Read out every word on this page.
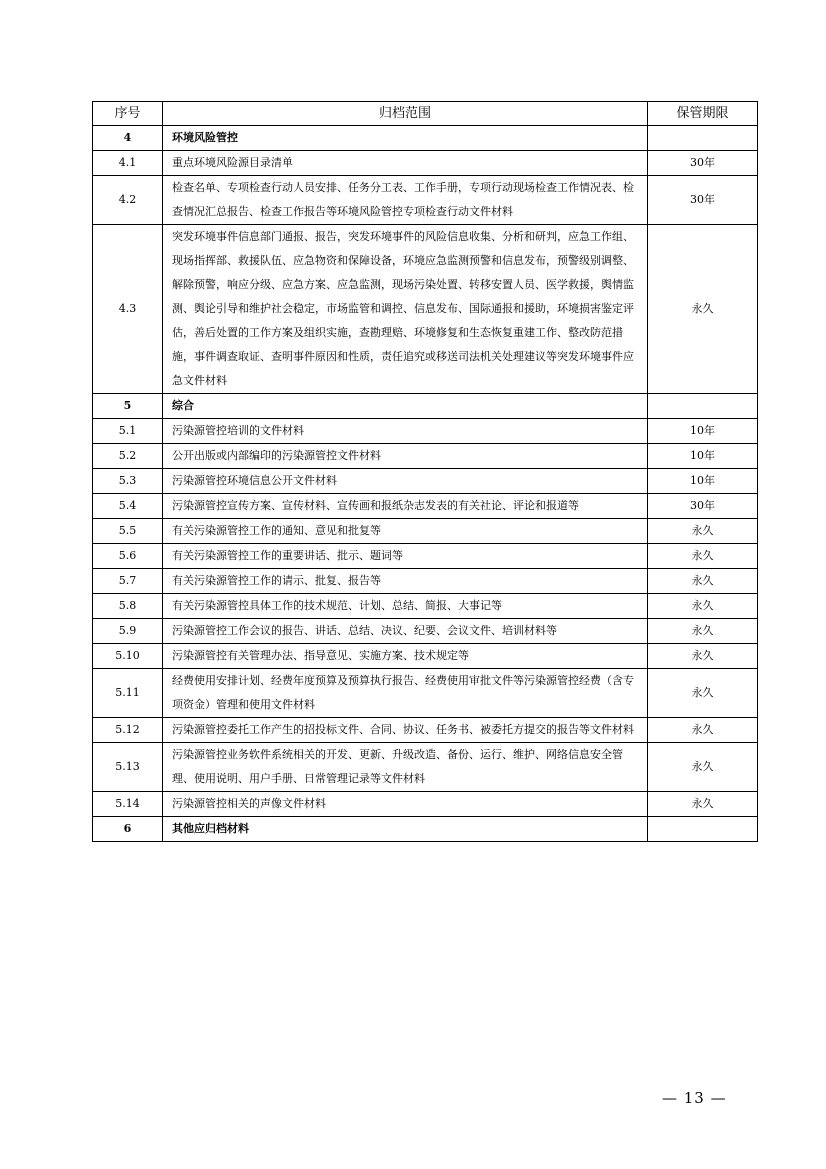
序号	归档范围	保管期限
4	环境风险管控	
4.1	重点环境风险源目录清单	30年
4.2	检查名单、专项检查行动人员安排、任务分工表、工作手册，专项行动现场检查工作情况表、检查情况汇总报告、检查工作报告等环境风险管控专项检查行动文件材料	30年
4.3	突发环境事件信息部门通报、报告，突发环境事件的风险信息收集、分析和研判，应急工作组、现场指挥部、救援队伍、应急物资和保障设备，环境应急监测预警和信息发布，预警级别调整、解除预警，响应分级、应急方案、应急监测，现场污染处置、转移安置人员、医学救援，舆情监测、舆论引导和维护社会稳定，市场监管和调控、信息发布、国际通报和援助，环境损害鉴定评估，善后处置的工作方案及组织实施，查勘理赔、环境修复和生态恢复重建工作、整改防范措施，事件调查取证、查明事件原因和性质，责任追究或移送司法机关处理建议等突发环境事件应急文件材料	永久
5	综合	
5.1	污染源管控培训的文件材料	10年
5.2	公开出版或内部编印的污染源管控文件材料	10年
5.3	污染源管控环境信息公开文件材料	10年
5.4	污染源管控宣传方案、宣传材料、宣传画和报纸杂志发表的有关社论、评论和报道等	30年
5.5	有关污染源管控工作的通知、意见和批复等	永久
5.6	有关污染源管控工作的重要讲话、批示、题词等	永久
5.7	有关污染源管控工作的请示、批复、报告等	永久
5.8	有关污染源管控具体工作的技术规范、计划、总结、简报、大事记等	永久
5.9	污染源管控工作会议的报告、讲话、总结、决议、纪要、会议文件、培训材料等	永久
5.10	污染源管控有关管理办法、指导意见、实施方案、技术规定等	永久
5.11	经费使用安排计划、经费年度预算及预算执行报告、经费使用审批文件等污染源管控经费（含专项资金）管理和使用文件材料	永久
5.12	污染源管控委托工作产生的招投标文件、合同、协议、任务书、被委托方提交的报告等文件材料	永久
5.13	污染源管控业务软件系统相关的开发、更新、升级改造、备份、运行、维护、网络信息安全管理、使用说明、用户手册、日常管理记录等文件材料	永久
5.14	污染源管控相关的声像文件材料	永久
6	其他应归档材料	
— 13 —
